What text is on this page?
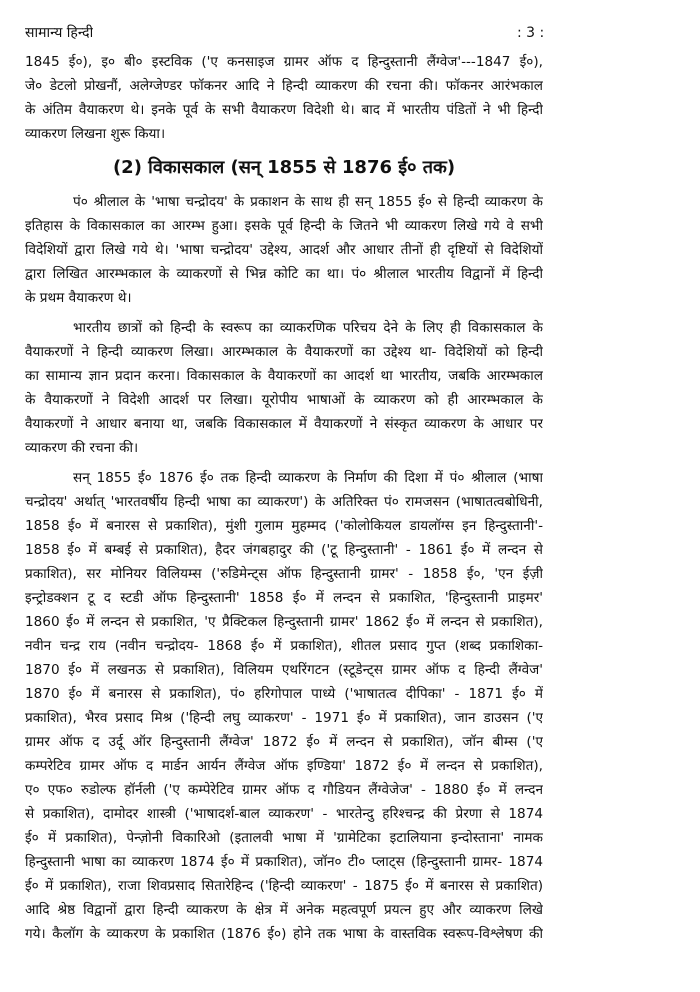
सामान्य हिन्दी	: 3 :
1845 ई०), इ० बी० इस्टविक ('ए कनसाइज ग्रामर ऑफ द हिन्दुस्तानी लैंग्वेज'---1847 ई०),
जे० डेटलो प्रोखनौं, अलेग्जेण्डर फॉकनर आदि ने हिन्दी व्याकरण की रचना की। फॉकनर आरंभकाल
के अंतिम वैयाकरण थे। इनके पूर्व के सभी वैयाकरण विदेशी थे। बाद में भारतीय पंडितों ने भी हिन्दी
व्याकरण लिखना शुरू किया।
(2) विकासकाल (सन् 1855 से 1876 ई० तक)
पं० श्रीलाल के 'भाषा चन्द्रोदय' के प्रकाशन के साथ ही सन् 1855 ई० से हिन्दी व्याकरण के
इतिहास के विकासकाल का आरम्भ हुआ। इसके पूर्व हिन्दी के जितने भी व्याकरण लिखे गये वे सभी
विदेशियों द्वारा लिखे गये थे। 'भाषा चन्द्रोदय' उद्देश्य, आदर्श और आधार तीनों ही दृष्टियों से विदेशियों
द्वारा लिखित आरम्भकाल के व्याकरणों से भिन्न कोटि का था। पं० श्रीलाल भारतीय विद्वानों में हिन्दी
के प्रथम वैयाकरण थे।
भारतीय छात्रों को हिन्दी के स्वरूप का व्याकरणिक परिचय देने के लिए ही विकासकाल के
वैयाकरणों ने हिन्दी व्याकरण लिखा। आरम्भकाल के वैयाकरणों का उद्देश्य था- विदेशियों को हिन्दी
का सामान्य ज्ञान प्रदान करना। विकासकाल के वैयाकरणों का आदर्श था भारतीय, जबकि आरम्भकाल
के वैयाकरणों ने विदेशी आदर्श पर लिखा। यूरोपीय भाषाओं के व्याकरण को ही आरम्भकाल के
वैयाकरणों ने आधार बनाया था, जबकि विकासकाल में वैयाकरणों ने संस्कृत व्याकरण के आधार पर
व्याकरण की रचना की।
सन् 1855 ई० 1876 ई० तक हिन्दी व्याकरण के निर्माण की दिशा में पं० श्रीलाल (भाषा
चन्द्रोदय' अर्थात् 'भारतवर्षीय हिन्दी भाषा का व्याकरण') के अतिरिक्त पं० रामजसन (भाषातत्वबोधिनी,
1858 ई० में बनारस से प्रकाशित), मुंशी गुलाम मुहम्मद ('कोलोकियल डायलॉग्स इन हिन्दुस्तानी'-
1858 ई० में बम्बई से प्रकाशित), हैदर जंगबहादुर की ('टू हिन्दुस्तानी' - 1861 ई० में लन्दन से
प्रकाशित), सर मोनियर विलियम्स ('रुडिमेन्ट्स ऑफ हिन्दुस्तानी ग्रामर' - 1858 ई०, 'एन ईज़ी
इन्ट्रोडक्शन टू द स्टडी ऑफ हिन्दुस्तानी' 1858 ई० में लन्दन से प्रकाशित, 'हिन्दुस्तानी प्राइमर'
1860 ई० में लन्दन से प्रकाशित, 'ए प्रैक्टिकल हिन्दुस्तानी ग्रामर' 1862 ई० में लन्दन से प्रकाशित),
नवीन चन्द्र राय (नवीन चन्द्रोदय- 1868 ई० में प्रकाशित), शीतल प्रसाद गुप्त (शब्द प्रकाशिका-
1870 ई० में लखनऊ से प्रकाशित), विलियम एथरिंगटन (स्टूडेन्ट्स ग्रामर ऑफ द हिन्दी लैंग्वेज'
1870 ई० में बनारस से प्रकाशित), पं० हरिगोपाल पाध्ये ('भाषातत्व दीपिका' - 1871 ई० में
प्रकाशित), भैरव प्रसाद मिश्र ('हिन्दी लघु व्याकरण' - 1971 ई० में प्रकाशित), जान डाउसन ('ए
ग्रामर ऑफ द उर्दू ऑर हिन्दुस्तानी लैंग्वेज' 1872 ई० में लन्दन से प्रकाशित), जॉन बीम्स ('ए
कम्परेटिव ग्रामर ऑफ द मार्डन आर्यन लैंग्वेज ऑफ इण्डिया' 1872 ई० में लन्दन से प्रकाशित),
ए० एफ० रुडोल्फ हॉर्नली ('ए कम्पेरेटिव ग्रामर ऑफ द गौडियन लैंग्वेजेज' - 1880 ई० में लन्दन
से प्रकाशित), दामोदर शास्त्री ('भाषादर्श-बाल व्याकरण' - भारतेन्दु हरिश्चन्द्र की प्रेरणा से 1874
ई० में प्रकाशित), पेन्ज़ोनी विकारिओ (इतालवी भाषा में 'ग्रामेटिका इटालियाना इन्दोस्ताना' नामक
हिन्दुस्तानी भाषा का व्याकरण 1874 ई० में प्रकाशित), जॉन० टी० प्लाट्स (हिन्दुस्तानी ग्रामर- 1874
ई० में प्रकाशित), राजा शिवप्रसाद सितारेहिन्द ('हिन्दी व्याकरण' - 1875 ई० में बनारस से प्रकाशित)
आदि श्रेष्ठ विद्वानों द्वारा हिन्दी व्याकरण के क्षेत्र में अनेक महत्वपूर्ण प्रयत्न हुए और व्याकरण लिखे
गये। कैलॉग के व्याकरण के प्रकाशित (1876 ई०) होने तक भाषा के वास्तविक स्वरूप-विश्लेषण की
